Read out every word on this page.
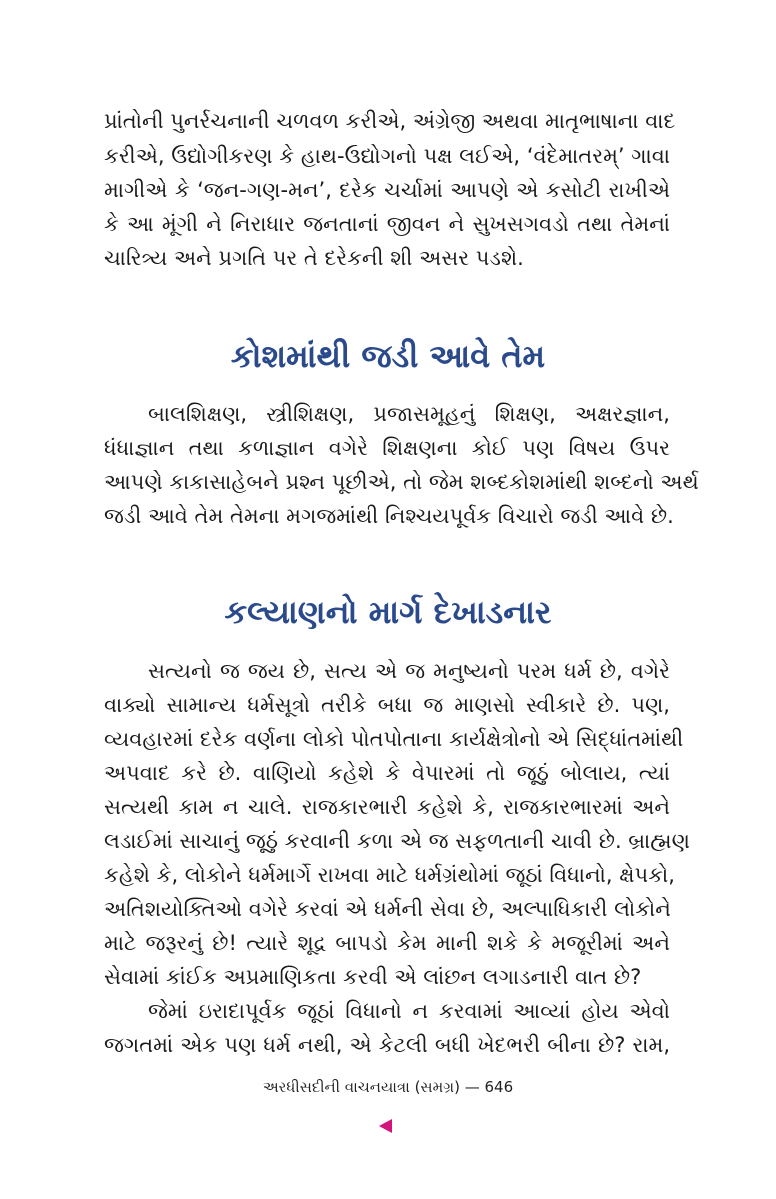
પ્રાંતોની પુનર્રચનાની ચળવળ કરીએ, અંગ્રેજી અથવા માતૃભાષાના વાદ
કરીએ, ઉદ્યોગીકરણ કે હાથ-ઉદ્યોગનો પક્ષ લઈએ, ‘વંદેમાતરમ્’ ગાવા
માગીએ કે ‘જન-ગણ-મન’, દરેક ચર્ચામાં આપણે એ કસોટી રાખીએ
કે આ મૂંગી ને નિરાધાર જનતાનાં જીવન ને સુખસગવડો તથા તેમનાં
ચારિત્ર્ય અને પ્રગતિ પર તે દરેકની શી અસર પડશે.
કોશમાંથી જડી આવે તેમ
બાલશિક્ષણ, સ્ત્રીશિક્ષણ, પ્રજાસમૂહનું શિક્ષણ, અક્ષરજ્ઞાન,
ધંધાજ્ઞાન તથા કળાજ્ઞાન વગેરે શિક્ષણના કોઈ પણ વિષય ઉપર
આપણે કાકાસાહેબને પ્રશ્ન પૂછીએ, તો જેમ શબ્દકોશમાંથી શબ્દનો અર્થ
જડી આવે તેમ તેમના મગજમાંથી નિશ્ચયપૂર્વક વિચારો જડી આવે છે.
કલ્યાણનો માર્ગ દેખાડનાર
સત્યનો જ જય છે, સત્ય એ જ મનુષ્યનો પરમ ધર્મ છે, વગેરે
વાક્યો સામાન્ય ધર્મસૂત્રો તરીકે બધા જ માણસો સ્વીકારે છે. પણ,
વ્યવહારમાં દરેક વર્ણના લોકો પોતપોતાના કાર્યક્ષેત્રોનો એ સિદ્ધાંતમાંથી
અપવાદ કરે છે. વાણિયો કહેશે કે વેપારમાં તો જૂઠું બોલાય, ત્યાં
સત્યથી કામ ન ચાલે. રાજકારભારી કહેશે કે, રાજકારભારમાં અને
લડાઈમાં સાચાનું જૂઠું કરવાની કળા એ જ સફળતાની ચાવી છે. બ્રાહ્મણ
કહેશે કે, લોકોને ધર્મમાર્ગે રાખવા માટે ધર્મગ્રંથોમાં જૂઠાં વિધાનો, ક્ષેપકો,
અતિશયોક્તિઓ વગેરે કરવાં એ ધર્મની સેવા છે, અલ્પાધિકારી લોકોને
માટે જરૂરનું છે! ત્યારે શૂદ્ર બાપડો કેમ માની શકે કે મજૂરીમાં અને
સેવામાં કાંઈક અપ્રમાણિકતા કરવી એ લાંછન લગાડનારી વાત છે?
જેમાં ઇરાદાપૂર્વક જૂઠાં વિધાનો ન કરવામાં આવ્યાં હોય એવો
જગતમાં એક પણ ધર્મ નથી, એ કેટલી બધી ખેદભરી બીના છે? રામ,
અરધીસદીની વાચનયાત્રા (સમગ્ર) — 646
